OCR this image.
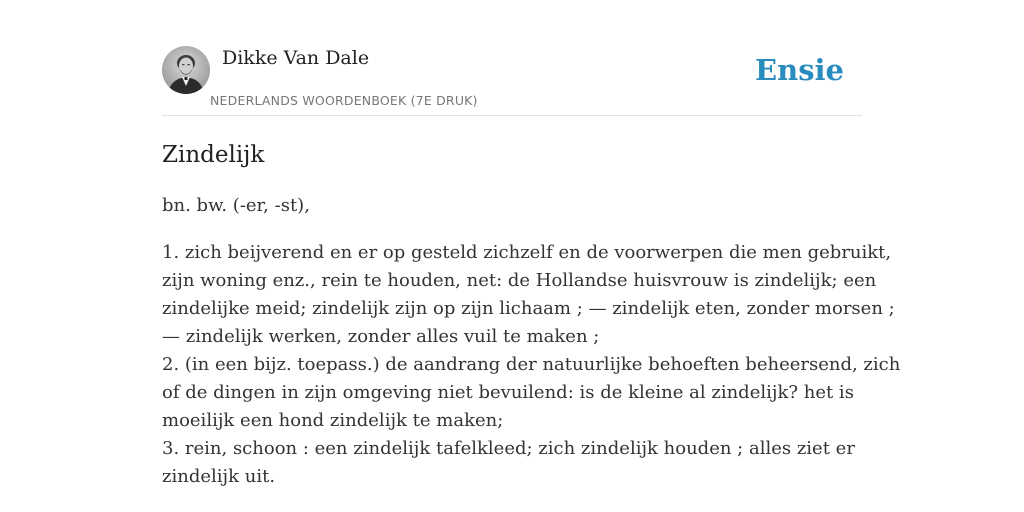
Dikke Van Dale
NEDERLANDS WOORDENBOEK (7E DRUK)
Ensie
Zindelijk

bn. bw. (-er, -st),

1. zich beijverend en er op gesteld zichzelf en de voorwerpen die men gebruikt,
zijn woning enz., rein te houden, net: de Hollandse huisvrouw is zindelijk; een
zindelijke meid; zindelijk zijn op zijn lichaam ; — zindelijk eten, zonder morsen ;
— zindelijk werken, zonder alles vuil te maken ;
2. (in een bijz. toepass.) de aandrang der natuurlijke behoeften beheersend, zich
of de dingen in zijn omgeving niet bevuilend: is de kleine al zindelijk? het is
moeilijk een hond zindelijk te maken;
3. rein, schoon : een zindelijk tafelkleed; zich zindelijk houden ; alles ziet er
zindelijk uit.
